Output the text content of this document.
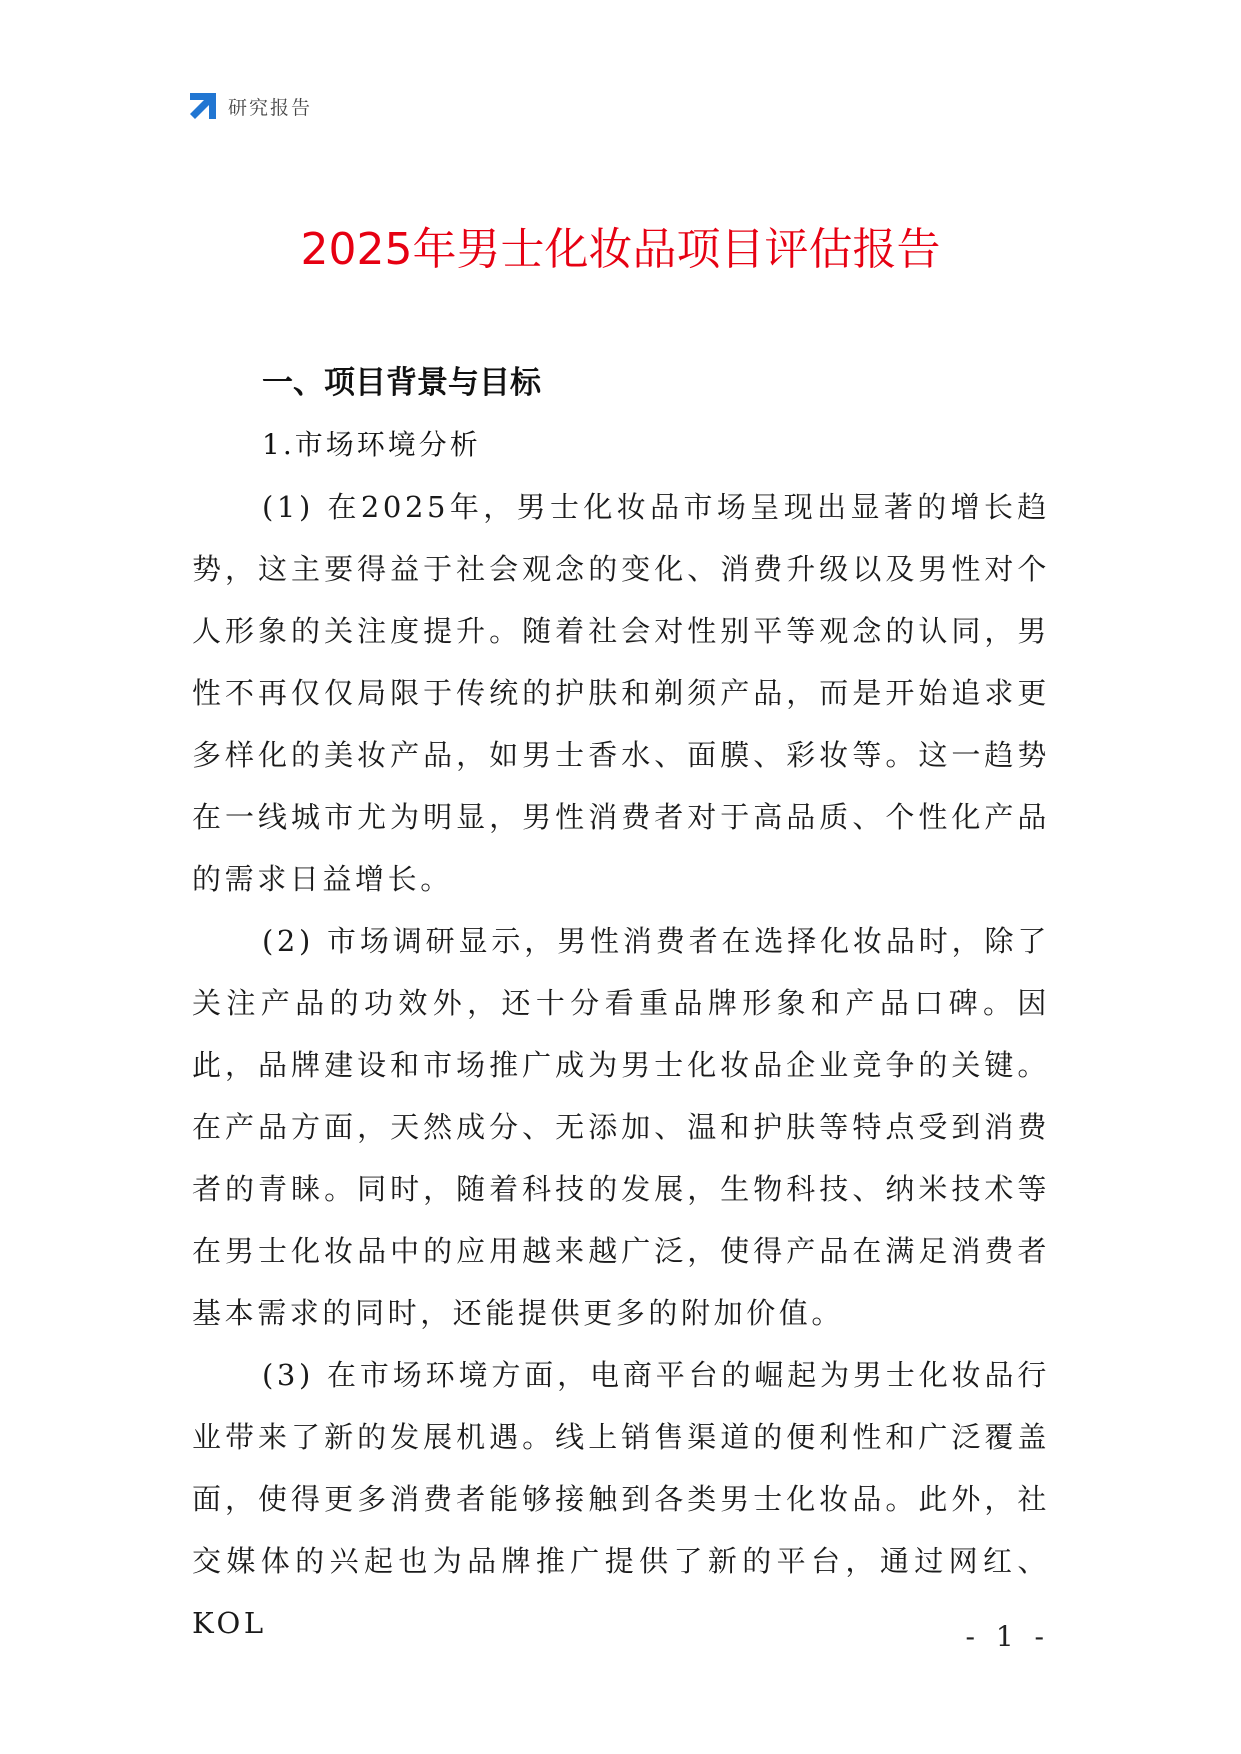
研究报告
2025年男士化妆品项目评估报告
一、项目背景与目标
1.市场环境分析

(1) 在2025年，男士化妆品市场呈现出显著的增长趋势，这主要得益于社会观念的变化、消费升级以及男性对个人形象的关注度提升。随着社会对性别平等观念的认同，男性不再仅仅局限于传统的护肤和剃须产品，而是开始追求更多样化的美妆产品，如男士香水、面膜、彩妆等。这一趋势在一线城市尤为明显，男性消费者对于高品质、个性化产品的需求日益增长。

(2) 市场调研显示，男性消费者在选择化妆品时，除了关注产品的功效外，还十分看重品牌形象和产品口碑。因此，品牌建设和市场推广成为男士化妆品企业竞争的关键。在产品方面，天然成分、无添加、温和护肤等特点受到消费者的青睐。同时，随着科技的发展，生物科技、纳米技术等在男士化妆品中的应用越来越广泛，使得产品在满足消费者基本需求的同时，还能提供更多的附加价值。

(3) 在市场环境方面，电商平台的崛起为男士化妆品行业带来了新的发展机遇。线上销售渠道的便利性和广泛覆盖面，使得更多消费者能够接触到各类男士化妆品。此外，社交媒体的兴起也为品牌推广提供了新的平台，通过网红、KOL	- 1 -
